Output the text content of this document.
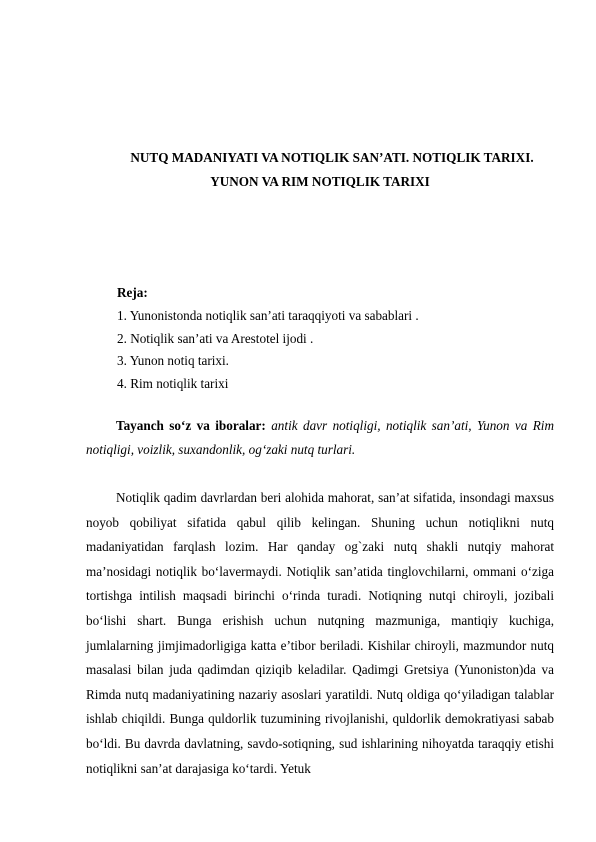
NUTQ MADANIYATI VA NOTIQLIK SAN’ATI. NOTIQLIK TARIXI.
YUNON VA RIM NOTIQLIK TARIXI
Reja:
1. Yunonistonda notiqlik san’ati taraqqiyoti va sabablari .
2. Notiqlik san’ati va Arestotel ijodi .
3. Yunon notiq tarixi.
4. Rim notiqlik tarixi
Tayanch so‘z va iboralar: antik davr notiqligi, notiqlik san’ati, Yunon va Rim notiqligi, voizlik, suxandonlik, og‘zaki nutq turlari.

Notiqlik qadim davrlardan beri alohida mahorat, san’at sifatida, insondagi maxsus noyob qobiliyat sifatida qabul qilib kelingan. Shuning uchun notiqlikni nutq madaniyatidan farqlash lozim. Har qanday og`zaki nutq shakli nutqiy mahorat ma’nosidagi notiqlik bo‘lavermaydi. Notiqlik san’atida tinglovchilarni, ommani o‘ziga tortishga intilish maqsadi birinchi o‘rinda turadi. Notiqning nutqi chiroyli, jozibali bo‘lishi shart. Bunga erishish uchun nutqning mazmuniga, mantiqiy kuchiga, jumlalarning jimjimadorligiga katta e’tibor beriladi. Kishilar chiroyli, mazmundor nutq masalasi bilan juda qadimdan qiziqib keladilar. Qadimgi Gretsiya (Yunoniston)da va Rimda nutq madaniyatining nazariy asoslari yaratildi. Nutq oldiga qo‘yiladigan talablar ishlab chiqildi. Bunga quldorlik tuzumining rivojlanishi, quldorlik demokratiyasi sabab bo‘ldi. Bu davrda davlatning, savdo-sotiqning, sud ishlarining nihoyatda taraqqiy etishi notiqlikni san’at darajasiga ko‘tardi. Yetuk
